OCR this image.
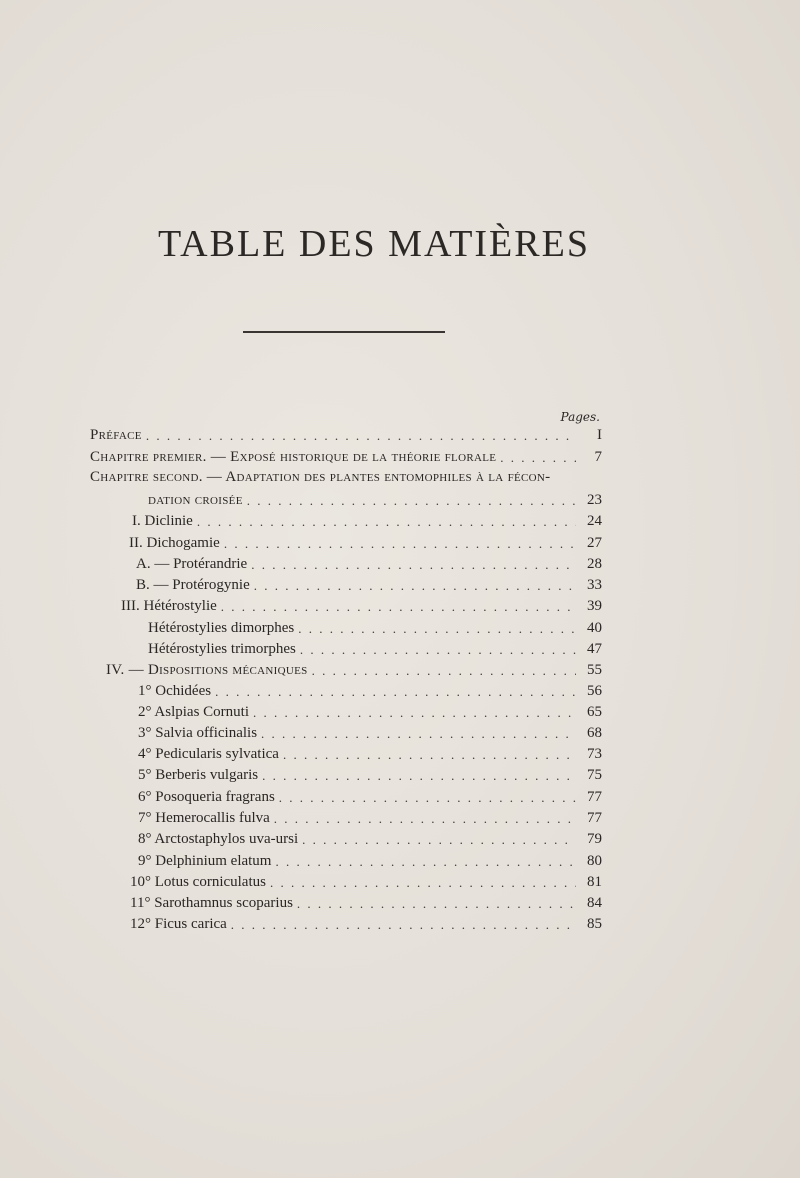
TABLE DES MATIÈRES
Pages.
Préface . . .	I
Chapitre premier. — Exposé historique de la théorie florale . . .	7
Chapitre second. — Adaptation des plantes entomophiles à la fécon-
dation croisée . . .	23
I. Diclinie . . .	24
II. Dichogamie . . .	27
A. — Protérandrie . . .	28
B. — Protérogynie . . .	33
III. Hétérostylie . . .	39
Hétérostylies dimorphes . . .	40
Hétérostylies trimorphes . . .	47
IV. — Dispositions mécaniques . . .	55
1° Ochidées . . .	56
2° Aslpias Cornuti . . .	65
3° Salvia officinalis . . .	68
4° Pedicularis sylvatica . . .	73
5° Berberis vulgaris . . .	75
6° Posoqueria fragrans . . .	77
7° Hemerocallis fulva . . .	77
8° Arctostaphylos uva-ursi . . .	79
9° Delphinium elatum . . .	80
10° Lotus corniculatus . . .	81
11° Sarothamnus scoparius . . .	84
12° Ficus carica . . .	85
